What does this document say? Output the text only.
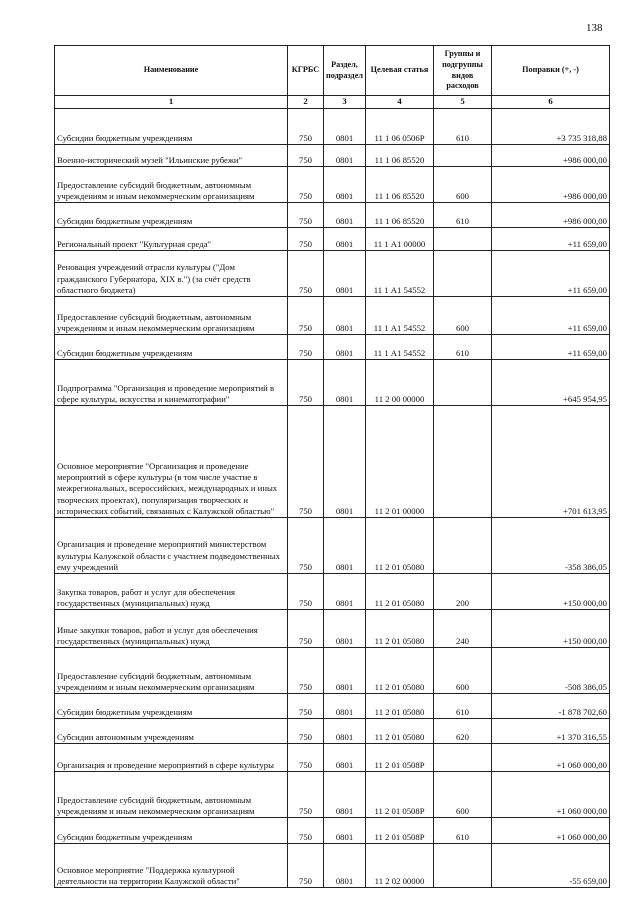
138
Наименование	КГРБС	Раздел, подраздел	Целевая статья	Группы и подгруппы видов расходов	Поправки (+, -)
1	2	3	4	5	6
Субсидии бюджетным учреждениям	750	0801	11 1 06 0506Р	610	+3 735 318,88
Военно-исторический музей "Ильинские рубежи"	750	0801	11 1 06 85520		+986 000,00
Предоставление субсидий бюджетным, автономным учреждениям и иным некоммерческим организациям	750	0801	11 1 06 85520	600	+986 000,00
Субсидии бюджетным учреждениям	750	0801	11 1 06 85520	610	+986 000,00
Региональный проект "Культурная среда"	750	0801	11 1 А1 00000		+11 659,00
Реновация учреждений отрасли культуры ("Дом гражданского Губернатора, XIX в.") (за счёт средств областного бюджета)	750	0801	11 1 А1 54552		+11 659,00
Предоставление субсидий бюджетным, автономным учреждениям и иным некоммерческим организациям	750	0801	11 1 А1 54552	600	+11 659,00
Субсидии бюджетным учреждениям	750	0801	11 1 А1 54552	610	+11 659,00
Подпрограмма "Организация и проведение мероприятий в сфере культуры, искусства и кинематографии"	750	0801	11 2 00 00000		+645 954,95
Основное мероприятие "Организация и проведение мероприятий в сфере культуры (в том числе участие в межрегиональных, всероссийских, международных и иных творческих проектах), популяризация творческих и исторических событий, связанных с Калужской областью"	750	0801	11 2 01 00000		+701 613,95
Организация и проведение мероприятий министерством культуры Калужской области с участием подведомственных ему учреждений	750	0801	11 2 01 05080		-358 386,05
Закупка товаров, работ и услуг для обеспечения государственных (муниципальных) нужд	750	0801	11 2 01 05080	200	+150 000,00
Иные закупки товаров, работ и услуг для обеспечения государственных (муниципальных) нужд	750	0801	11 2 01 05080	240	+150 000,00
Предоставление субсидий бюджетным, автономным учреждениям и иным некоммерческим организациям	750	0801	11 2 01 05080	600	-508 386,05
Субсидии бюджетным учреждениям	750	0801	11 2 01 05080	610	-1 878 702,60
Субсидии автономным учреждениям	750	0801	11 2 01 05080	620	+1 370 316,55
Организация и проведение мероприятий в сфере культуры	750	0801	11 2 01 0508Р		+1 060 000,00
Предоставление субсидий бюджетным, автономным учреждениям и иным некоммерческим организациям	750	0801	11 2 01 0508Р	600	+1 060 000,00
Субсидии бюджетным учреждениям	750	0801	11 2 01 0508Р	610	+1 060 000,00
Основное мероприятие "Поддержка культурной деятельности на территории Калужской области"	750	0801	11 2 02 00000		-55 659,00
